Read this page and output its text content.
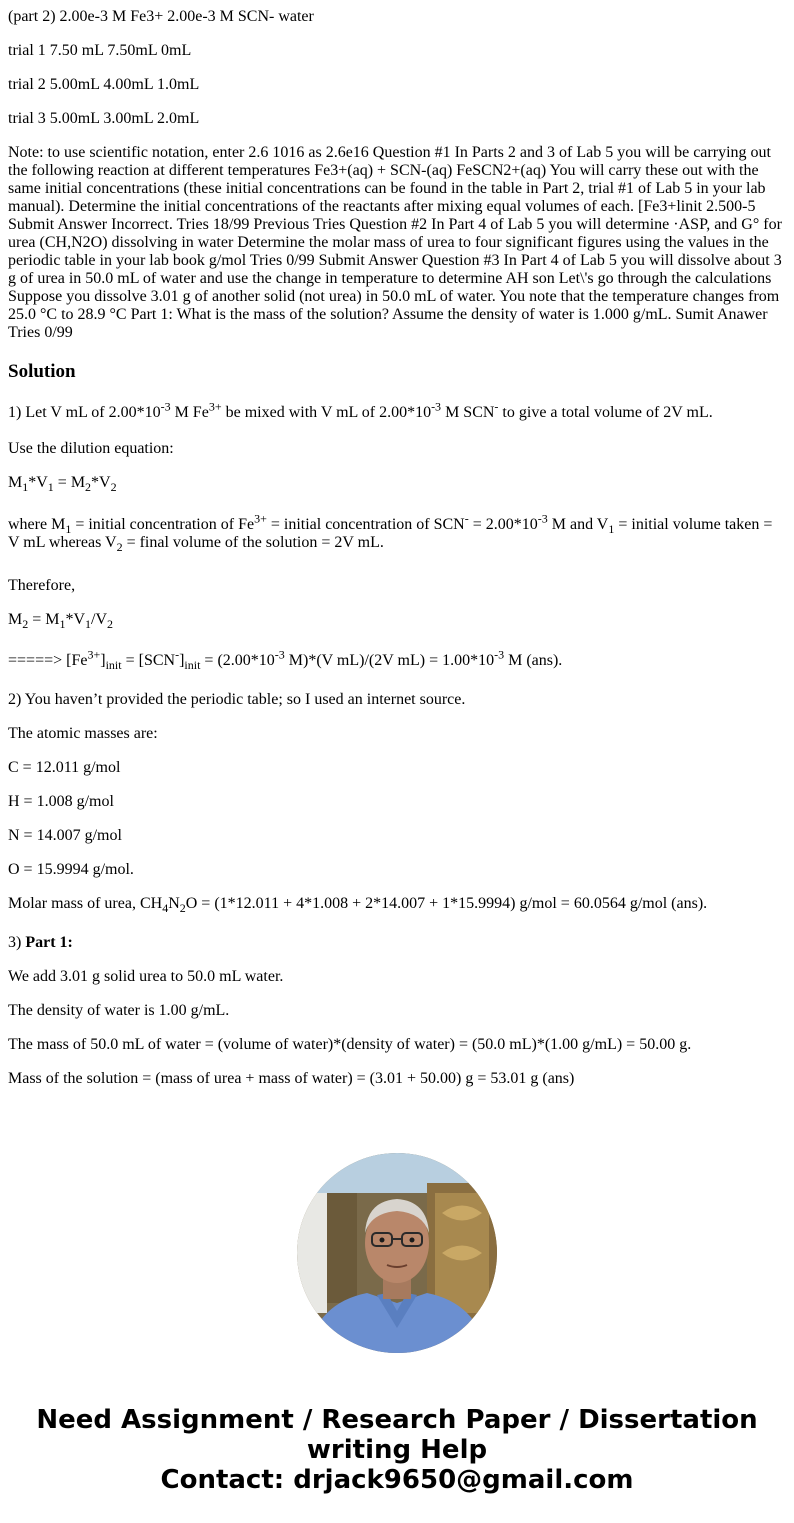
(part 2) 2.00e-3 M Fe3+ 2.00e-3 M SCN- water

trial 1 7.50 mL 7.50mL 0mL

trial 2 5.00mL 4.00mL 1.0mL

trial 3 5.00mL 3.00mL 2.0mL

Note: to use scientific notation, enter 2.6 1016 as 2.6e16 Question #1 In Parts 2 and 3 of Lab 5 you will be carrying out the following reaction at different temperatures Fe3+(aq) + SCN-(aq) FeSCN2+(aq) You will carry these out with the same initial concentrations (these initial concentrations can be found in the table in Part 2, trial #1 of Lab 5 in your lab manual). Determine the initial concentrations of the reactants after mixing equal volumes of each. [Fe3+linit 2.500-5 Submit Answer Incorrect. Tries 18/99 Previous Tries Question #2 In Part 4 of Lab 5 you will determine ·ASP, and G° for urea (CH,N2O) dissolving in water Determine the molar mass of urea to four significant figures using the values in the periodic table in your lab book g/mol Tries 0/99 Submit Answer Question #3 In Part 4 of Lab 5 you will dissolve about 3 g of urea in 50.0 mL of water and use the change in temperature to determine AH son Let\'s go through the calculations Suppose you dissolve 3.01 g of another solid (not urea) in 50.0 mL of water. You note that the temperature changes from 25.0 °C to 28.9 °C Part 1: What is the mass of the solution? Assume the density of water is 1.000 g/mL. Sumit Anawer Tries 0/99

Solution

1) Let V mL of $2.00*10^{-3}$ M $Fe^{3+}$ be mixed with V mL of $2.00*10^{-3}$ M SCN- to give a total volume of 2V mL.

Use the dilution equation:

$M_1*V_1 = M_2*V_2$

where $M_1$ = initial concentration of $Fe^{3+}$ = initial concentration of $SCN^- = 2.00*10^{-3}$ M and $V_1$ = initial volume taken = V mL whereas $V_2$ = final volume of the solution = 2V mL.

Therefore,

$M_2 = M_1*V_1/V_2$

=====> $[Fe^{3+}]_{init} = [SCN^-]_{init} = (2.00*10^{-3}$ M)*(V mL)/(2V $mL) = 1.00*10^{-3}$ M (ans).

2) You haven’t provided the periodic table; so I used an internet source.

The atomic masses are:

C = 12.011 g/mol

H = 1.008 g/mol

N = 14.007 g/mol

O = 15.9994 g/mol.

Molar mass of urea, $CH_4N_2O = (1*12.011 + 4*1.008 + 2*14.007 + 1*15.9994) g/mol = 60.0564$ g/mol (ans).

3) Part 1:

We add 3.01 g solid urea to 50.0 mL water.

The density of water is 1.00 g/mL.

The mass of 50.0 mL of water = (volume of water)*(density of water) = (50.0 mL)*(1.00 g/mL) = 50.00 g.

Mass of the solution = (mass of urea + mass of water) = (3.01 + 50.00) g = 53.01 g (ans)

Need Assignment / Research Paper / Dissertation
writing Help
Contact: drjack9650@gmail.com
